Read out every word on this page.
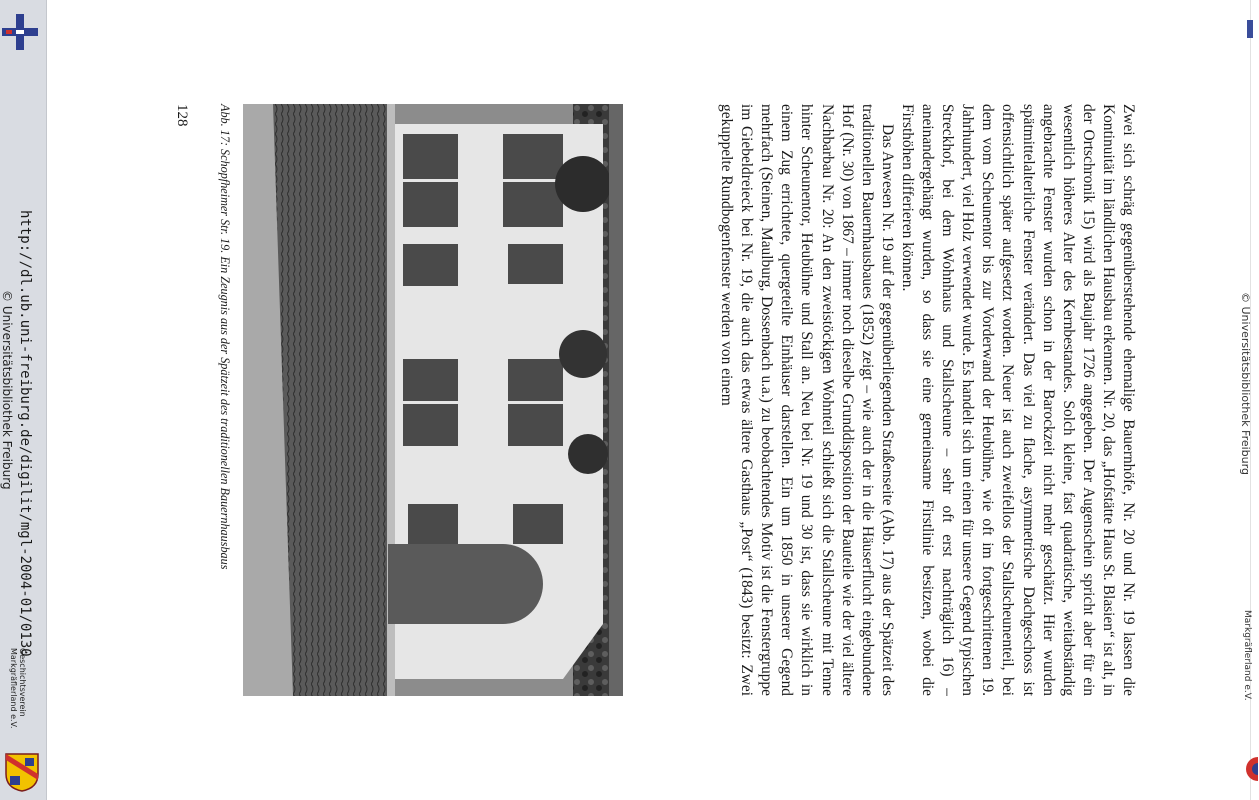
http://dl.ub.uni-freiburg.de/digilit/mgl-2004-01/0130
© Universitätsbibliothek Freiburg
Geschichtsverein
Markgräflerland e.V.
© Universitätsbibliothek Freiburg
Markgräflerland e.V.

Zwei sich schräg gegenüberstehende ehemalige Bauernhöfe, Nr. 20 und Nr. 19 lassen die Kontinuität im ländlichen Hausbau erkennen. Nr. 20, das „Hofstätte Haus St. Blasien“ ist alt, in der Ortschronik 15) wird als Baujahr 1726 angegeben. Der Augenschein spricht aber für ein wesentlich höheres Alter des Kernbestandes. Solch kleine, fast quadratische, weitabständig angebrachte Fenster wurden schon in der Barockzeit nicht mehr geschätzt. Hier wurden spätmittelalterliche Fenster verändert. Das viel zu flache, asymmetrische Dachgeschoss ist offensichtlich später aufgesetzt worden. Neuer ist auch zweifellos der Stallscheunenteil, bei dem vom Scheunentor bis zur Vorderwand der Heubühne, wie oft im fortgeschrittenen 19. Jahrhundert, viel Holz verwendet wurde. Es handelt sich um einen für unsere Gegend typischen Streckhof, bei dem Wohnhaus und Stallscheune – sehr oft erst nachträglich 16) – aneinandergehängt wurden, so dass sie eine gemeinsame Firstlinie besitzen, wobei die Firsthöhen differieren können.

Das Anwesen Nr. 19 auf der gegenüberliegenden Straßenseite (Abb. 17) aus der Spätzeit des traditionellen Bauernhausbaues (1852) zeigt – wie auch der in die Häuserflucht eingebundene Hof (Nr. 30) von 1867 – immer noch dieselbe Grunddisposition der Bauteile wie der viel ältere Nachbarbau Nr. 20: An den zweistöckigen Wohnteil schließt sich die Stallscheune mit Tenne hinter Scheunentor, Heubühne und Stall an. Neu bei Nr. 19 und 30 ist, dass sie wirklich in einem Zug errichtete, quergeteilte Einhäuser darstellen. Ein um 1850 in unserer Gegend mehrfach (Steinen, Maulburg, Dossenbach u.a.) zu beobachtendes Motiv ist die Fenstergruppe im Giebeldreieck bei Nr. 19, die auch das etwas ältere Gasthaus „Post“ (1843) besitzt: Zwei gekuppelte Rundbogenfenster werden von einem

Abb. 17: Schopfheimer Str. 19. Ein Zeugnis aus der Spätzeit des traditionellen Bauernhausbaus
128
